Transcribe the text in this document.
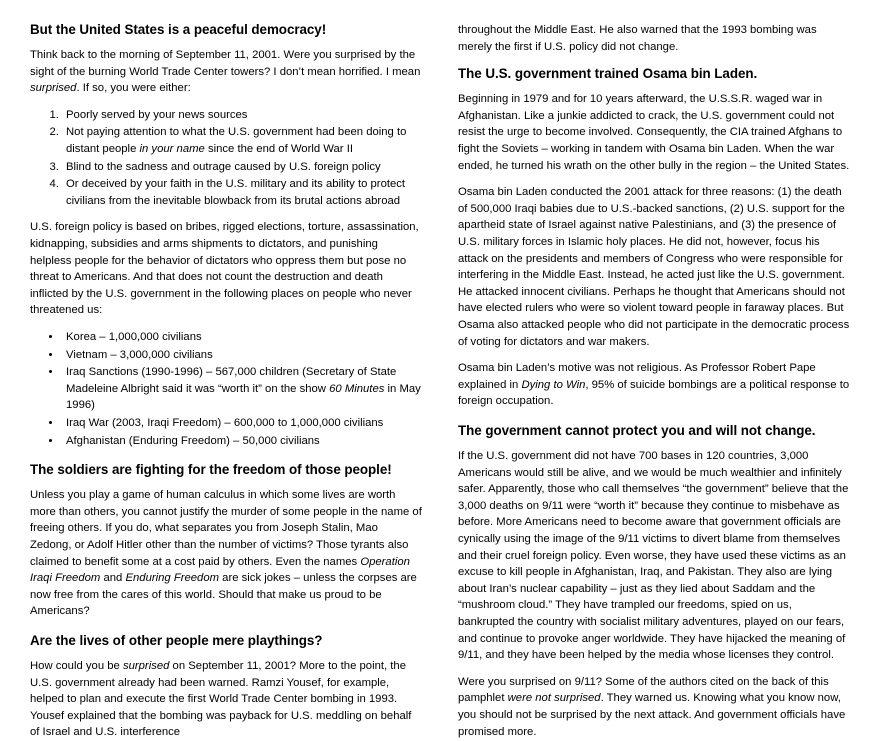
But the United States is a peaceful democracy!

Think back to the morning of September 11, 2001. Were you surprised by the sight of the burning World Trade Center towers? I don’t mean horrified. I mean surprised. If so, you were either:

1. Poorly served by your news sources
2. Not paying attention to what the U.S. government had been doing to distant people in your name since the end of World War II
3. Blind to the sadness and outrage caused by U.S. foreign policy
4. Or deceived by your faith in the U.S. military and its ability to protect civilians from the inevitable blowback from its brutal actions abroad

U.S. foreign policy is based on bribes, rigged elections, torture, assassination, kidnapping, subsidies and arms shipments to dictators, and punishing helpless people for the behavior of dictators who oppress them but pose no threat to Americans. And that does not count the destruction and death inflicted by the U.S. government in the following places on people who never threatened us:

• Korea – 1,000,000 civilians
• Vietnam – 3,000,000 civilians
• Iraq Sanctions (1990-1996) – 567,000 children (Secretary of State Madeleine Albright said it was “worth it” on the show 60 Minutes in May 1996)
• Iraq War (2003, Iraqi Freedom) – 600,000 to 1,000,000 civilians
• Afghanistan (Enduring Freedom) – 50,000 civilians
The soldiers are fighting for the freedom of those people!

Unless you play a game of human calculus in which some lives are worth more than others, you cannot justify the murder of some people in the name of freeing others. If you do, what separates you from Joseph Stalin, Mao Zedong, or Adolf Hitler other than the number of victims? Those tyrants also claimed to benefit some at a cost paid by others. Even the names Operation Iraqi Freedom and Enduring Freedom are sick jokes – unless the corpses are now free from the cares of this world. Should that make us proud to be Americans?

Are the lives of other people mere playthings?

How could you be surprised on September 11, 2001? More to the point, the U.S. government already had been warned. Ramzi Yousef, for example, helped to plan and execute the first World Trade Center bombing in 1993. Yousef explained that the bombing was payback for U.S. meddling on behalf of Israel and U.S. interference

throughout the Middle East. He also warned that the 1993 bombing was merely the first if U.S. policy did not change.

The U.S. government trained Osama bin Laden.

Beginning in 1979 and for 10 years afterward, the U.S.S.R. waged war in Afghanistan. Like a junkie addicted to crack, the U.S. government could not resist the urge to become involved. Consequently, the CIA trained Afghans to fight the Soviets – working in tandem with Osama bin Laden. When the war ended, he turned his wrath on the other bully in the region – the United States.

Osama bin Laden conducted the 2001 attack for three reasons: (1) the death of 500,000 Iraqi babies due to U.S.-backed sanctions, (2) U.S. support for the apartheid state of Israel against native Palestinians, and (3) the presence of U.S. military forces in Islamic holy places. He did not, however, focus his attack on the presidents and members of Congress who were responsible for interfering in the Middle East. Instead, he acted just like the U.S. government. He attacked innocent civilians. Perhaps he thought that Americans should not have elected rulers who were so violent toward people in faraway places. But Osama also attacked people who did not participate in the democratic process of voting for dictators and war makers.

Osama bin Laden’s motive was not religious. As Professor Robert Pape explained in Dying to Win, 95% of suicide bombings are a political response to foreign occupation.

The government cannot protect you and will not change.

If the U.S. government did not have 700 bases in 120 countries, 3,000 Americans would still be alive, and we would be much wealthier and infinitely safer. Apparently, those who call themselves “the government” believe that the 3,000 deaths on 9/11 were “worth it” because they continue to misbehave as before. More Americans need to become aware that government officials are cynically using the image of the 9/11 victims to divert blame from themselves and their cruel foreign policy. Even worse, they have used these victims as an excuse to kill people in Afghanistan, Iraq, and Pakistan. They also are lying about Iran’s nuclear capability – just as they lied about Saddam and the “mushroom cloud.” They have trampled our freedoms, spied on us, bankrupted the country with socialist military adventures, played on our fears, and continue to provoke anger worldwide. They have hijacked the meaning of 9/11, and they have been helped by the media whose licenses they control.

Were you surprised on 9/11? Some of the authors cited on the back of this pamphlet were not surprised. They warned us. Knowing what you know now, you should not be surprised by the next attack. And government officials have promised more.
